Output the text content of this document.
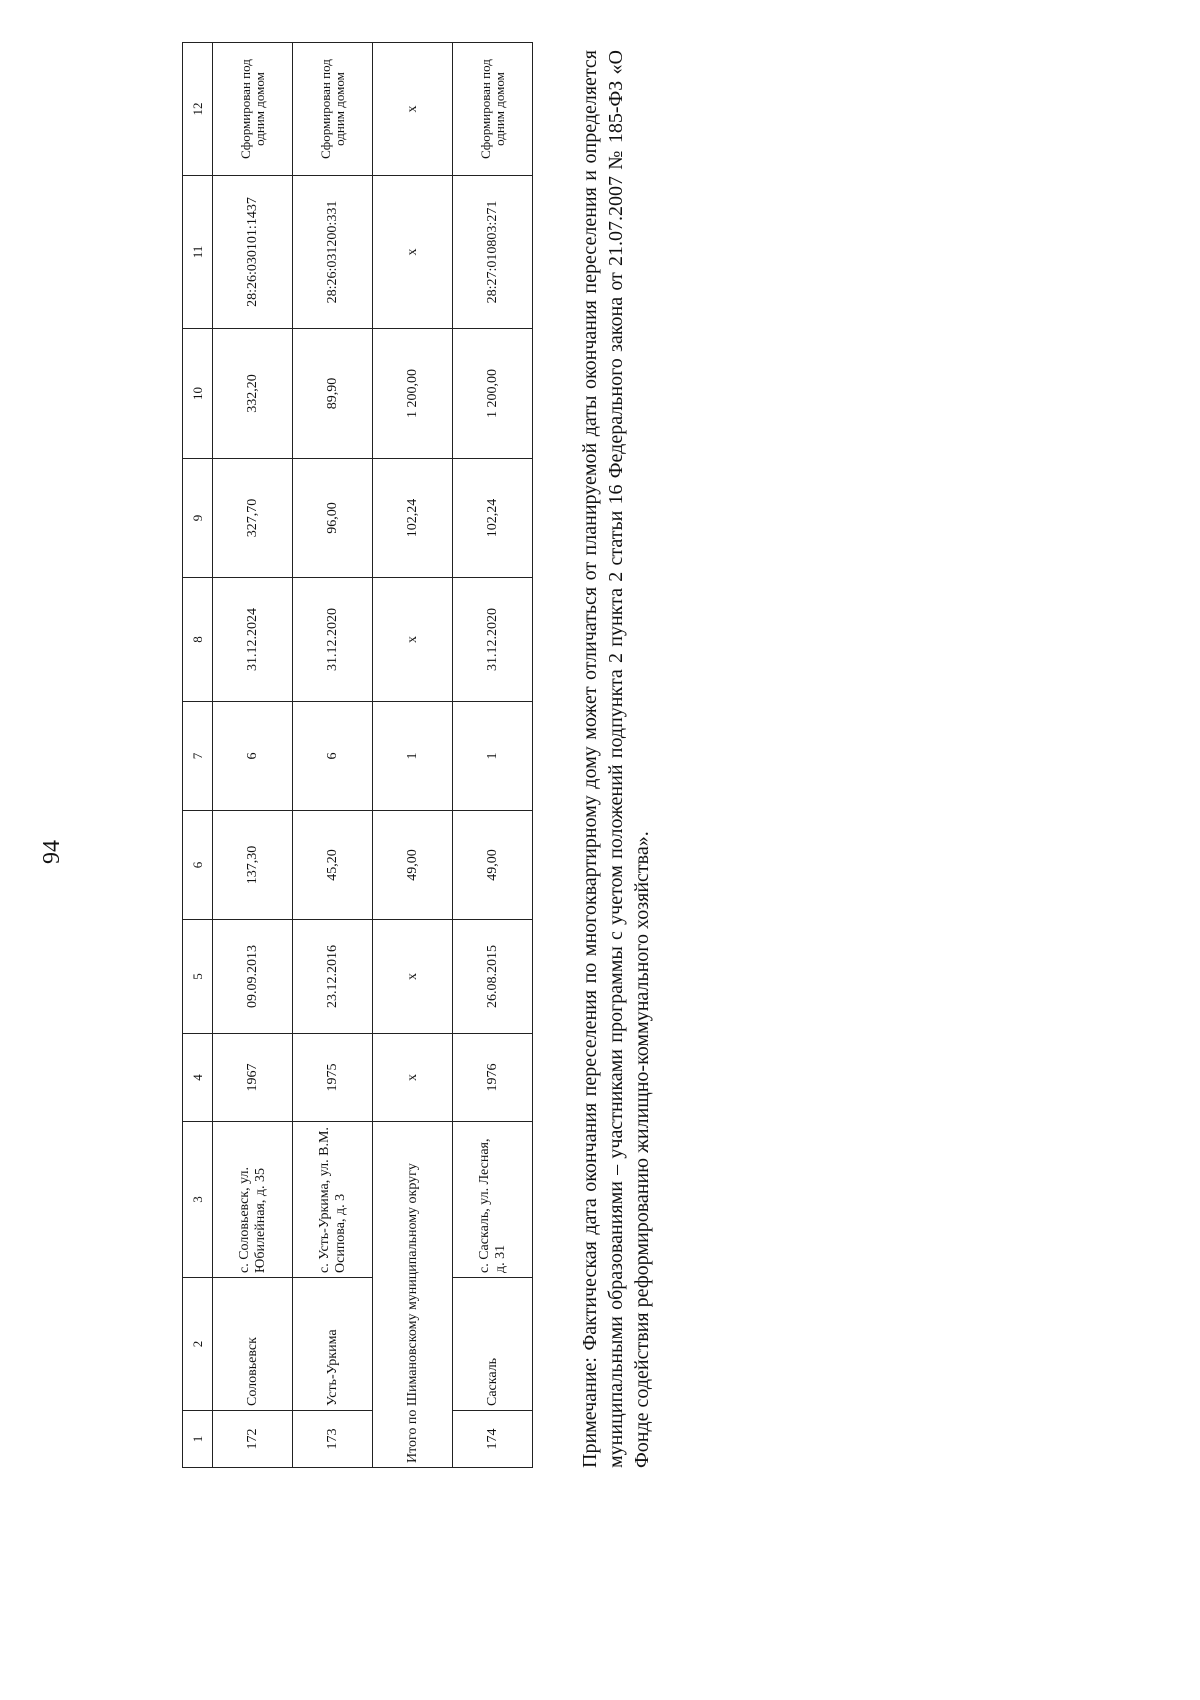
94
1	2	3	4	5	6	7	8	9	10	11	12
172	Соловьевск	с. Соловьевск, ул. Юбилейная, д. 35	1967	09.09.2013	137,30	6	31.12.2024	327,70	332,20	28:26:030101:1437	Сформирован под одним домом
173	Усть-Уркима	с. Усть-Уркима, ул. В.М. Осипова, д. 3	1975	23.12.2016	45,20	6	31.12.2020	96,00	89,90	28:26:031200:331	Сформирован под одним домом
Итого по Шимановскому муниципальному округу			x	x	49,00	1	x	102,24	1 200,00	x	x
174	Саскаль	с. Саскаль, ул. Лесная, д. 31	1976	26.08.2015	49,00	1	31.12.2020	102,24	1 200,00	28:27:010803:271	Сформирован под одним домом	Примечание: Фактическая дата окончания переселения по многоквартирному дому может отличаться от планируемой даты окончания переселения и определяется муниципальными образованиями – участниками программы с учетом положений подпункта 2 пункта 2 статьи 16 Федерального закона от 21.07.2007 № 185-ФЗ «О Фонде содействия реформированию жилищно-коммунального хозяйства».
